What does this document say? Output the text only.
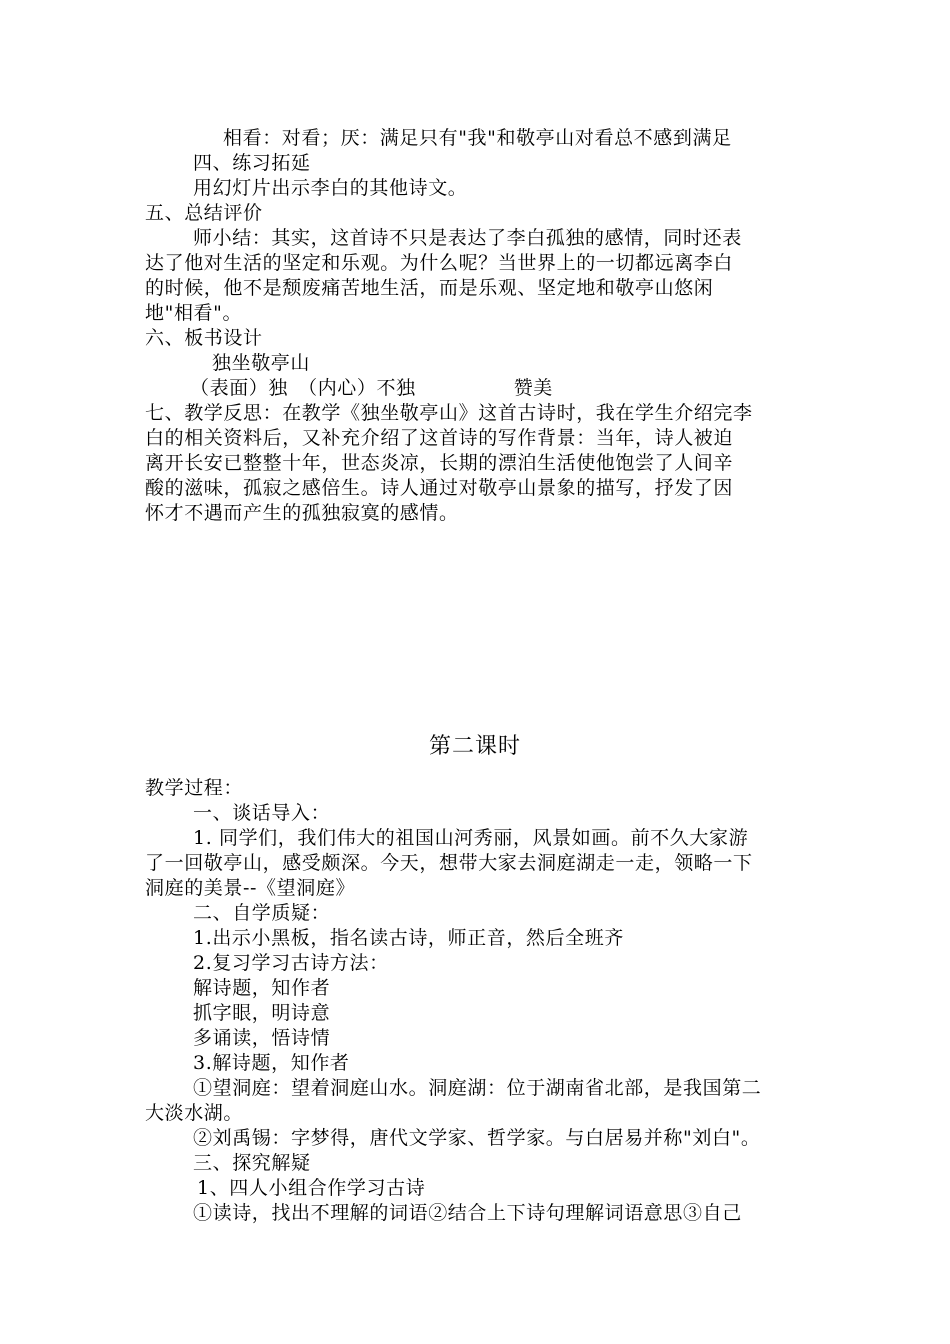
相看：对看；厌：满足只有"我"和敬亭山对看总不感到满足
四、练习拓延
用幻灯片出示李白的其他诗文。
五、总结评价
师小结：其实，这首诗不只是表达了李白孤独的感情，同时还表
达了他对生活的坚定和乐观。为什么呢？当世界上的一切都远离李白
的时候，他不是颓废痛苦地生活，而是乐观、坚定地和敬亭山悠闲
地"相看"。
六、板书设计
独坐敬亭山
（表面）独　（内心）不独　　　　　赞美
七、教学反思：在教学《独坐敬亭山》这首古诗时，我在学生介绍完李
白的相关资料后，又补充介绍了这首诗的写作背景：当年，诗人被迫
离开长安已整整十年，世态炎凉，长期的漂泊生活使他饱尝了人间辛
酸的滋味，孤寂之感倍生。诗人通过对敬亭山景象的描写，抒发了因
怀才不遇而产生的孤独寂寞的感情。
第二课时
教学过程：
一、谈话导入：
1. 同学们，我们伟大的祖国山河秀丽，风景如画。前不久大家游
了一回敬亭山，感受颇深。今天，想带大家去洞庭湖走一走，领略一下
洞庭的美景--《望洞庭》
二、自学质疑：
1.出示小黑板，指名读古诗，师正音，然后全班齐
2.复习学习古诗方法：
解诗题，知作者
抓字眼，明诗意
多诵读，悟诗情
3.解诗题，知作者
①望洞庭：望着洞庭山水。洞庭湖：位于湖南省北部，是我国第二
大淡水湖。
②刘禹锡：字梦得，唐代文学家、哲学家。与白居易并称"刘白"。
三、探究解疑
1、四人小组合作学习古诗
①读诗，找出不理解的词语②结合上下诗句理解词语意思③自己
